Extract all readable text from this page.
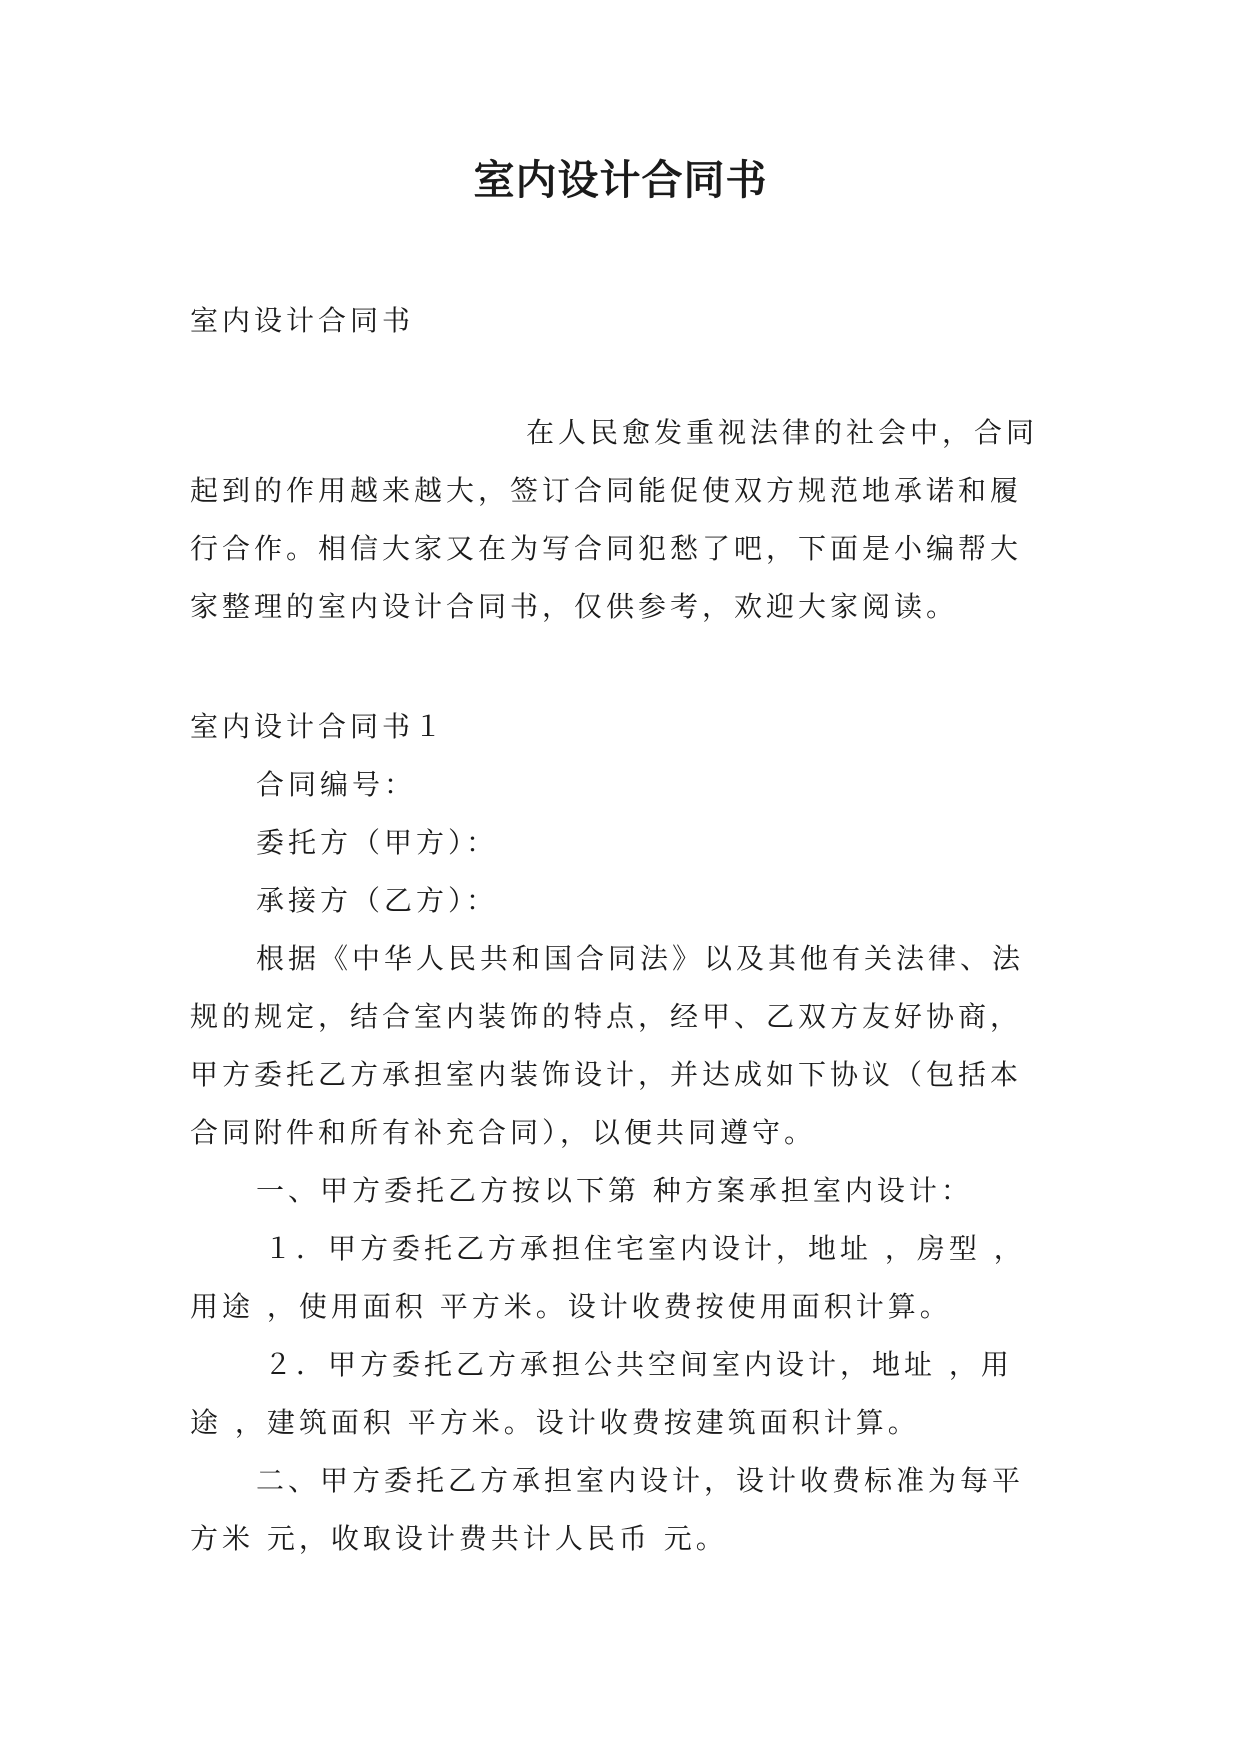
室内设计合同书
室内设计合同书
在人民愈发重视法律的社会中，合同
起到的作用越来越大，签订合同能促使双方规范地承诺和履
行合作。相信大家又在为写合同犯愁了吧，下面是小编帮大
家整理的室内设计合同书，仅供参考，欢迎大家阅读。
室内设计合同书１
合同编号：
委托方（甲方）：
承接方（乙方）：
根据《中华人民共和国合同法》以及其他有关法律、法
规的规定，结合室内装饰的特点，经甲、乙双方友好协商，
甲方委托乙方承担室内装饰设计，并达成如下协议（包括本
合同附件和所有补充合同），以便共同遵守。
一、甲方委托乙方按以下第 种方案承担室内设计：
１．甲方委托乙方承担住宅室内设计，地址 ，房型 ，
用途 ，使用面积 平方米。设计收费按使用面积计算。
２．甲方委托乙方承担公共空间室内设计，地址 ，用
途 ，建筑面积 平方米。设计收费按建筑面积计算。
二、甲方委托乙方承担室内设计，设计收费标准为每平
方米 元，收取设计费共计人民币 元。
